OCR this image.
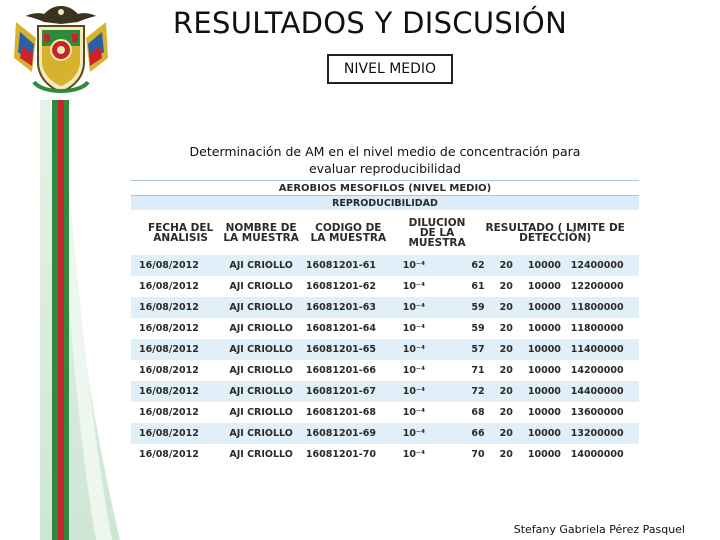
RESULTADOS Y DISCUSIÓN
NIVEL MEDIO
Determinación de AM en el nivel medio de concentración para evaluar reproducibilidad
AEROBIOS MESOFILOS (NIVEL MEDIO)							
REPRODUCIBILIDAD							
FECHA DEL ANALISIS	NOMBRE DE LA MUESTRA	CODIGO DE LA MUESTRA	DILUCION DE LA MUESTRA	RESULTADO ( LIMITE DE DETECCIÓN)			
16/08/2012	AJI CRIOLLO	16081201-61	10⁻⁴	62	20	10000	12400000
16/08/2012	AJI CRIOLLO	16081201-62	10⁻⁴	61	20	10000	12200000
16/08/2012	AJI CRIOLLO	16081201-63	10⁻⁴	59	20	10000	11800000
16/08/2012	AJI CRIOLLO	16081201-64	10⁻⁴	59	20	10000	11800000
16/08/2012	AJI CRIOLLO	16081201-65	10⁻⁴	57	20	10000	11400000
16/08/2012	AJI CRIOLLO	16081201-66	10⁻⁴	71	20	10000	14200000
16/08/2012	AJI CRIOLLO	16081201-67	10⁻⁴	72	20	10000	14400000
16/08/2012	AJI CRIOLLO	16081201-68	10⁻⁴	68	20	10000	13600000
16/08/2012	AJI CRIOLLO	16081201-69	10⁻⁴	66	20	10000	13200000
16/08/2012	AJI CRIOLLO	16081201-70	10⁻⁴	70	20	10000	14000000
Stefany Gabriela Pérez Pasquel
